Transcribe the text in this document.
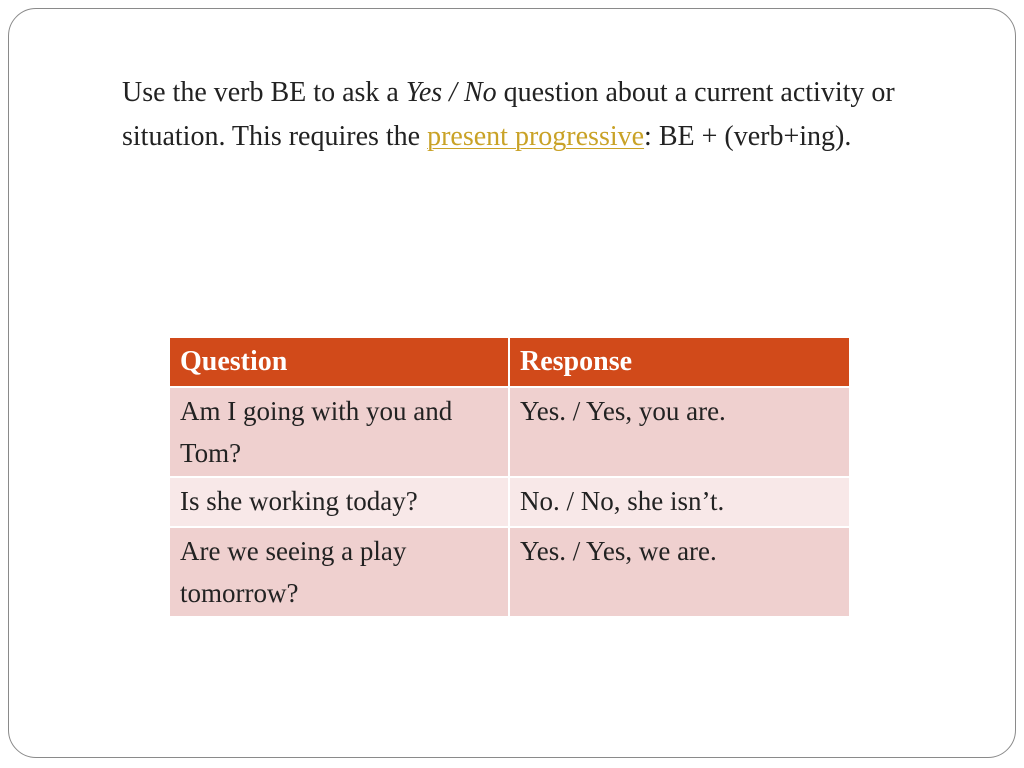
Use the verb BE to ask a Yes / No question about a current activity or situation. This requires the present progressive: BE + (verb+ing).
Question	Response
Am I going with you and Tom?	Yes. / Yes, you are.
Is she working today?	No. / No, she isn’t.
Are we seeing a play tomorrow?	Yes. / Yes, we are.
